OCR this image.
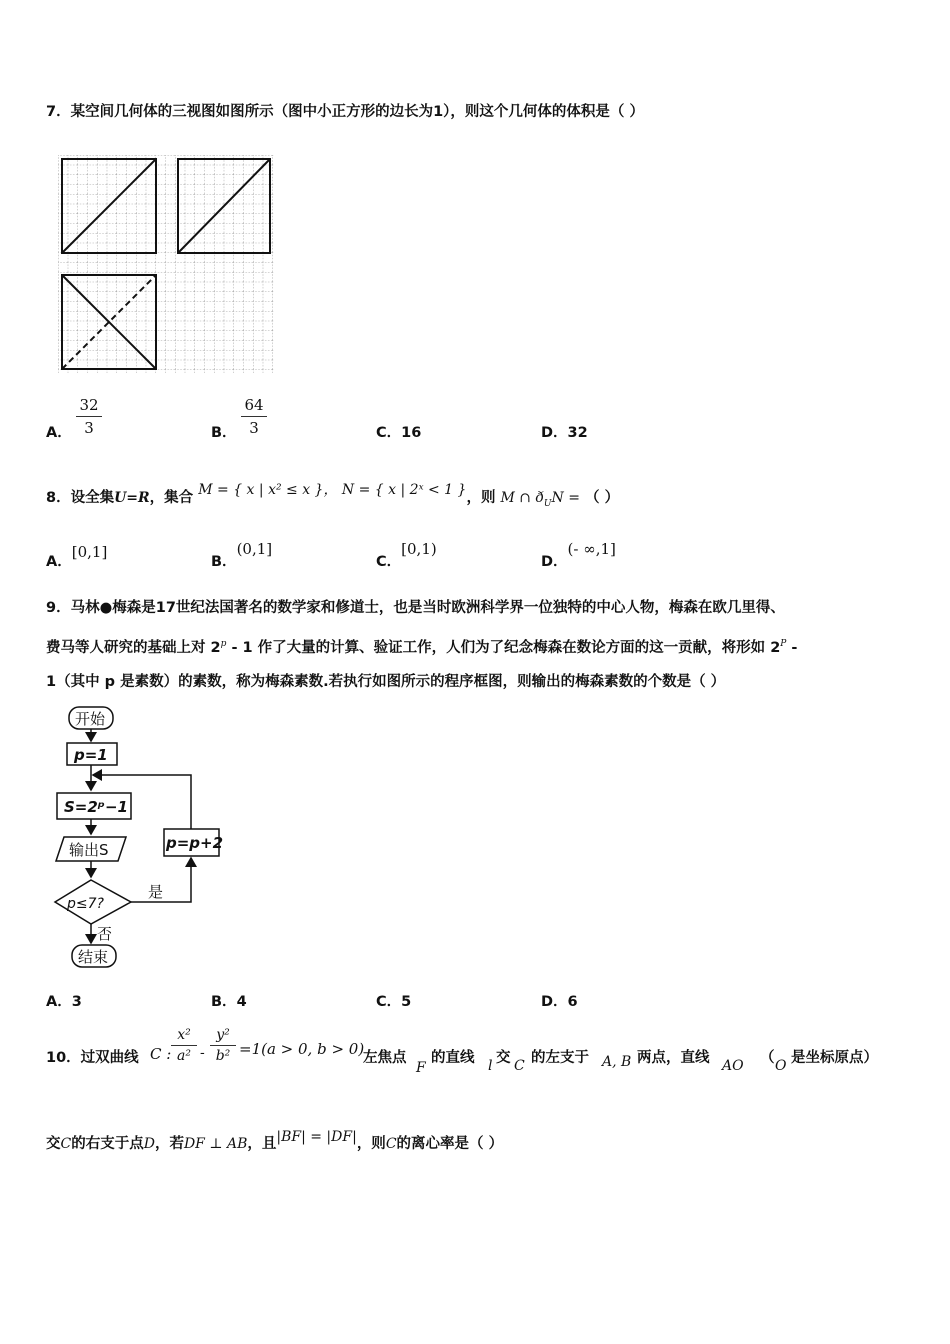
7．某空间几何体的三视图如图所示（图中小正方形的边长为1），则这个几何体的体积是（ ）
A． $\frac{32}{3}$	B． $\frac{64}{3}$	C．16	D．32
8．设全集U=R，集合 M = { x | x² ≤ x }， N = { x | 2ˣ < 1 }，则 M ∩ $ð_UN$ = （ ）
A．[0,1]
B．(0,1]
C．[0,1)
D．(- ∞,1]
9．马林●梅森是17世纪法国著名的数学家和修道士，也是当时欧洲科学界一位独特的中心人物，梅森在欧几里得、
费马等人研究的基础上对 2$^p$ - 1 作了大量的计算、验证工作，人们为了纪念梅森在数论方面的这一贡献，将形如 $2^P$ -
1（其中 p 是素数）的素数，称为梅森素数.若执行如图所示的程序框图，则输出的梅森素数的个数是（ ）
开始
p=1
S=2ᵖ−1
输出S	p=p+2
p≤7?
是
否
结束
A．3	B．4	C．5	D．6
10．过双曲线 C : $\frac{\text{x²}}{\text{a²}} - \frac{\text{y²}}{\text{b²}} =1(a > 0$, b > 0)
左焦点
F
的直线 l 交 C 的左支于 A, B 两点，直线 AO （ O 是坐标原点）
交C的右支于点D，若DF ⊥ AB，且|BF| = |DF|，则C的离心率是（ ）
